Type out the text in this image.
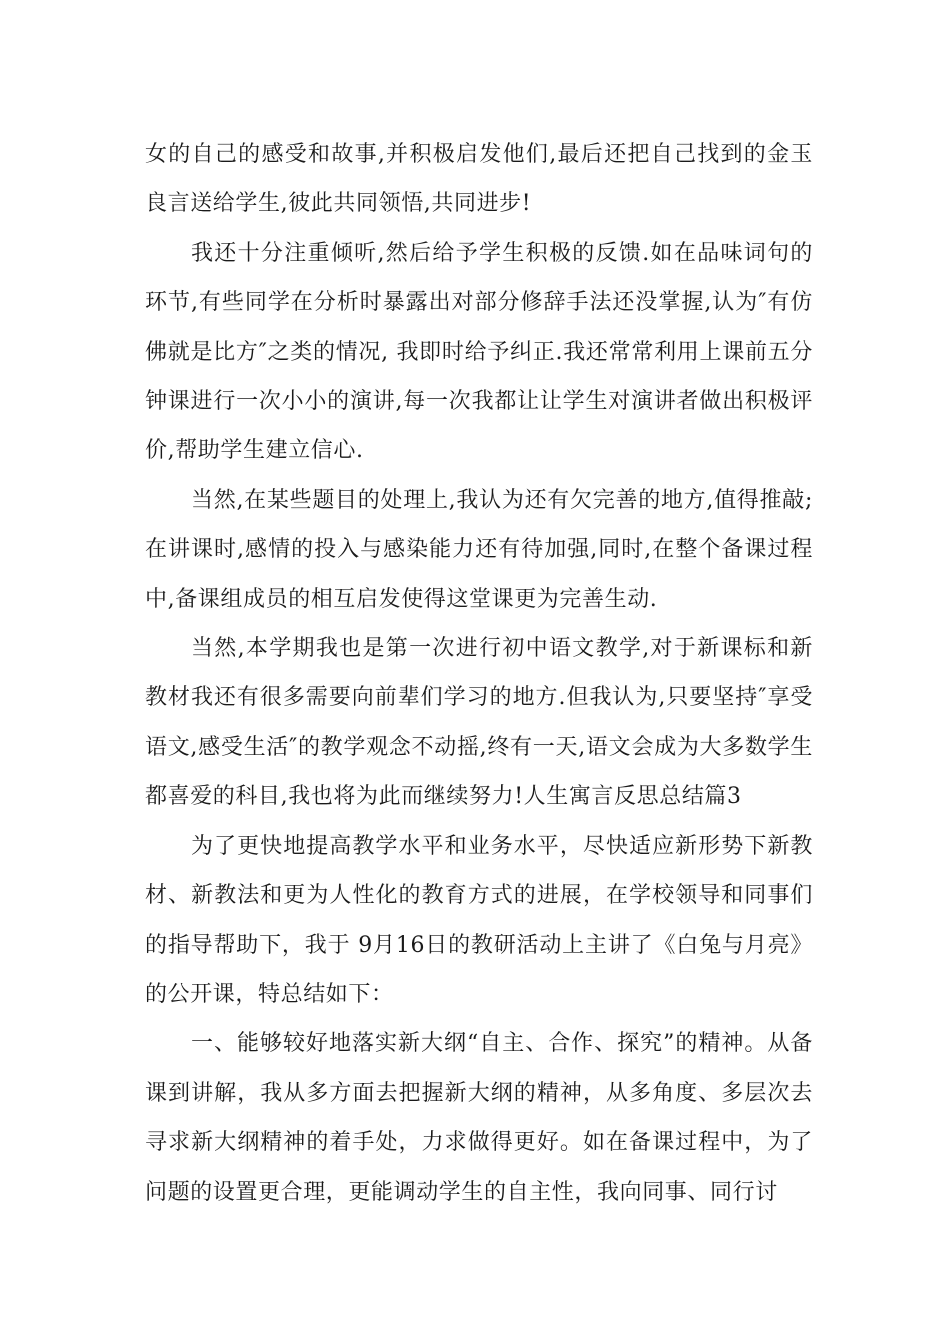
女的自己的感受和故事,并积极启发他们,最后还把自己找到的金玉良言送给学生,彼此共同领悟,共同进步!

我还十分注重倾听,然后给予学生积极的反馈.如在品味词句的环节,有些同学在分析时暴露出对部分修辞手法还没掌握,认为″有仿佛就是比方″之类的情况, 我即时给予纠正.我还常常利用上课前五分钟课进行一次小小的演讲,每一次我都让让学生对演讲者做出积极评价,帮助学生建立信心.

当然,在某些题目的处理上,我认为还有欠完善的地方,值得推敲;在讲课时,感情的投入与感染能力还有待加强,同时,在整个备课过程中,备课组成员的相互启发使得这堂课更为完善生动.

当然,本学期我也是第一次进行初中语文教学,对于新课标和新教材我还有很多需要向前辈们学习的地方.但我认为,只要坚持″享受语文,感受生活″的教学观念不动摇,终有一天,语文会成为大多数学生都喜爱的科目,我也将为此而继续努力!人生寓言反思总结篇3

为了更快地提高教学水平和业务水平，尽快适应新形势下新教材、新教法和更为人性化的教育方式的进展，在学校领导和同事们的指导帮助下，我于 9月16日的教研活动上主讲了《白兔与月亮》的公开课，特总结如下：

一、能够较好地落实新大纲“自主、合作、探究”的精神。从备课到讲解，我从多方面去把握新大纲的精神，从多角度、多层次去寻求新大纲精神的着手处，力求做得更好。如在备课过程中，为了问题的设置更合理，更能调动学生的自主性，我向同事、同行讨
